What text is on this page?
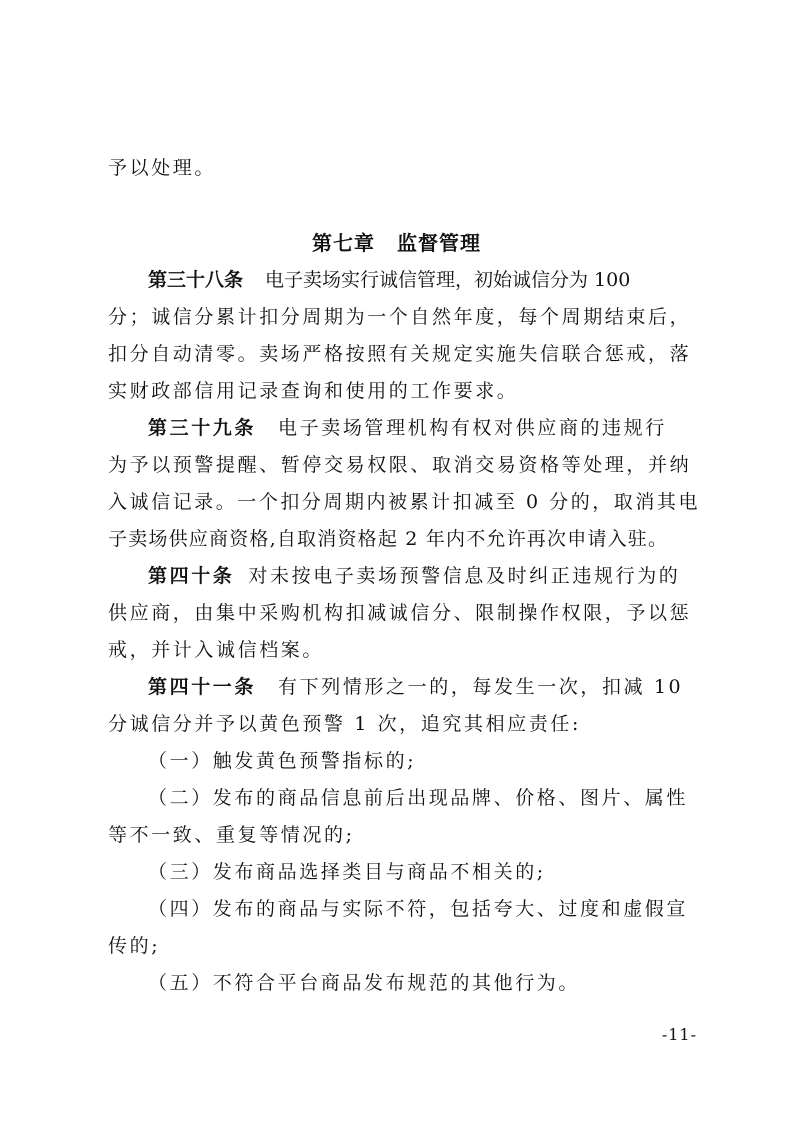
予以处理。
第七章 监督管理
第三十八条 电子卖场实行诚信管理，初始诚信分为 100
分；诚信分累计扣分周期为一个自然年度，每个周期结束后，
扣分自动清零。卖场严格按照有关规定实施失信联合惩戒，落
实财政部信用记录查询和使用的工作要求。
第三十九条 电子卖场管理机构有权对供应商的违规行
为予以预警提醒、暂停交易权限、取消交易资格等处理，并纳
入诚信记录。一个扣分周期内被累计扣减至 0 分的，取消其电
子卖场供应商资格,自取消资格起 2 年内不允许再次申请入驻。
第四十条 对未按电子卖场预警信息及时纠正违规行为的
供应商，由集中采购机构扣减诚信分、限制操作权限，予以惩
戒，并计入诚信档案。
第四十一条 有下列情形之一的，每发生一次，扣减 10
分诚信分并予以黄色预警 1 次，追究其相应责任:
（一）触发黄色预警指标的;
（二）发布的商品信息前后出现品牌、价格、图片、属性
等不一致、重复等情况的;
（三）发布商品选择类目与商品不相关的;
（四）发布的商品与实际不符，包括夸大、过度和虚假宣
传的;
（五）不符合平台商品发布规范的其他行为。
-11-
